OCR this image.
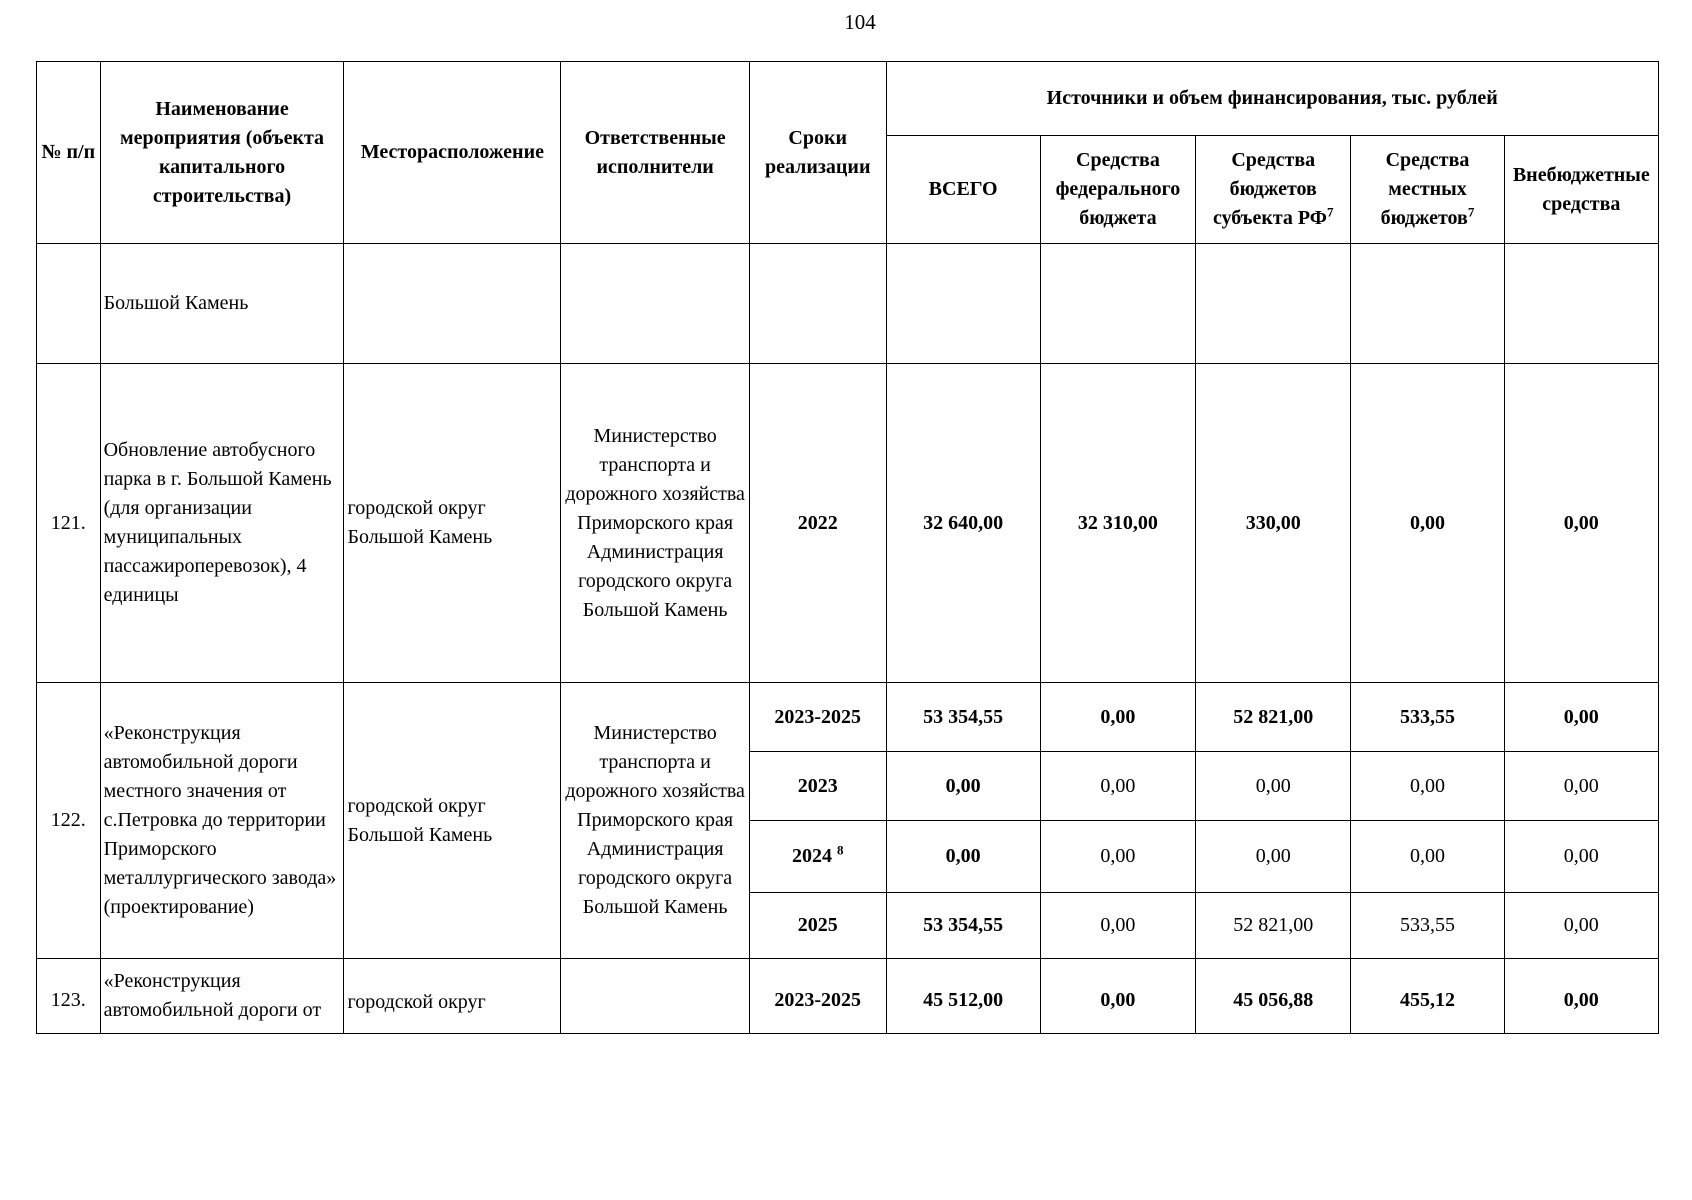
104
№ п/п	Наименование мероприятия (объекта капитального строительства)	Месторасположение	Ответственные исполнители	Сроки реализации	Источники и объем финансирования, тыс. рублей				
					ВСЕГО	Средства федерального бюджета	Средства бюджетов субъекта $РФ^7$	Средства местных бюджетов$^7$	Внебюджетные средства
	Большой Камень								
121.	Обновление автобусного парка в г. Большой Камень (для организации муниципальных пассажироперевозок), 4 единицы	городской округ Большой Камень	Министерство транспорта и дорожного хозяйства Приморского края Администрация городского округа Большой Камень	2022	32 640,00	32 310,00	330,00	0,00	0,00
122.	«Реконструкция автомобильной дороги местного значения от с.Петровка до территории Приморского металлургического завода» (проектирование)	городской округ Большой Камень	Министерство транспорта и дорожного хозяйства Приморского края Администрация городского округа Большой Камень	2023-2025	53 354,55	0,00	52 821,00	533,55	0,00
				2023	0,00	0,00	0,00	0,00	0,00
				2024 $^8$	0,00	0,00	0,00	0,00	0,00
				2025	53 354,55	0,00	52 821,00	533,55	0,00
123.	«Реконструкция автомобильной дороги от	городской округ		2023-2025	45 512,00	0,00	45 056,88	455,12	0,00
